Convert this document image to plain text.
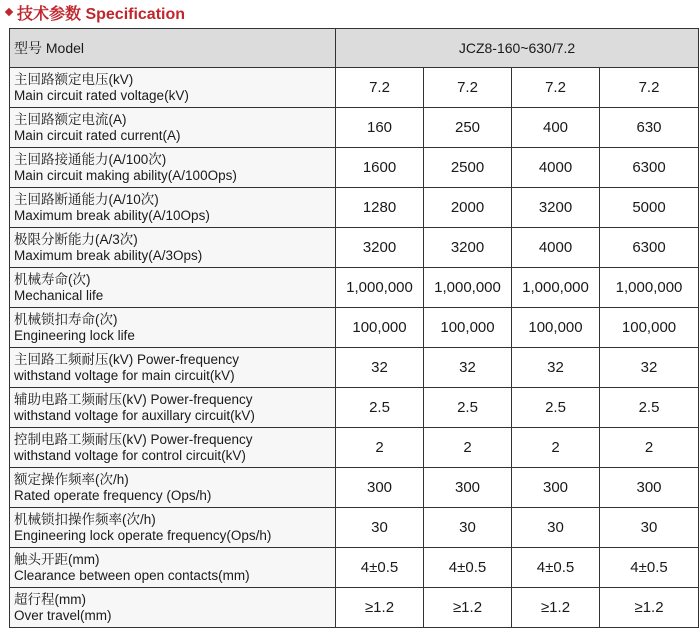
技术参数 Specification
型号 Model	JCZ8-160~630/7.2			

主回路额定电压(kV)
Main circuit rated voltage(kV)	7.2	7.2	7.2	7.2

主回路额定电流(A)
Main circuit rated current(A)	160	250	400	630

主回路接通能力(A/100次)
Main circuit making ability(A/100Ops)	1600	2500	4000	6300

主回路断通能力(A/10次)
Maximum break ability(A/10Ops)	1280	2000	3200	5000

极限分断能力(A/3次)
Maximum break ability(A/3Ops)	3200	3200	4000	6300

机械寿命(次)
Mechanical life	1,000,000	1,000,000	1,000,000	1,000,000

机械锁扣寿命(次)
Engineering lock life	100,000	100,000	100,000	100,000

主回路工频耐压(kV) Power-frequency
withstand voltage for main circuit(kV)	32	32	32	32

辅助电路工频耐压(kV) Power-frequency
withstand voltage for auxillary circuit(kV)	2.5	2.5	2.5	2.5

控制电路工频耐压(kV) Power-frequency
withstand voltage for control circuit(kV)	2	2	2	2

额定操作频率(次/h)
Rated operate frequency (Ops/h)	300	300	300	300

机械锁扣操作频率(次/h)
Engineering lock operate frequency(Ops/h)	30	30	30	30

触头开距(mm)
Clearance between open contacts(mm)	4±0.5	4±0.5	4±0.5	4±0.5

超行程(mm)
Over travel(mm)	≥1.2	≥1.2	≥1.2	≥1.2
